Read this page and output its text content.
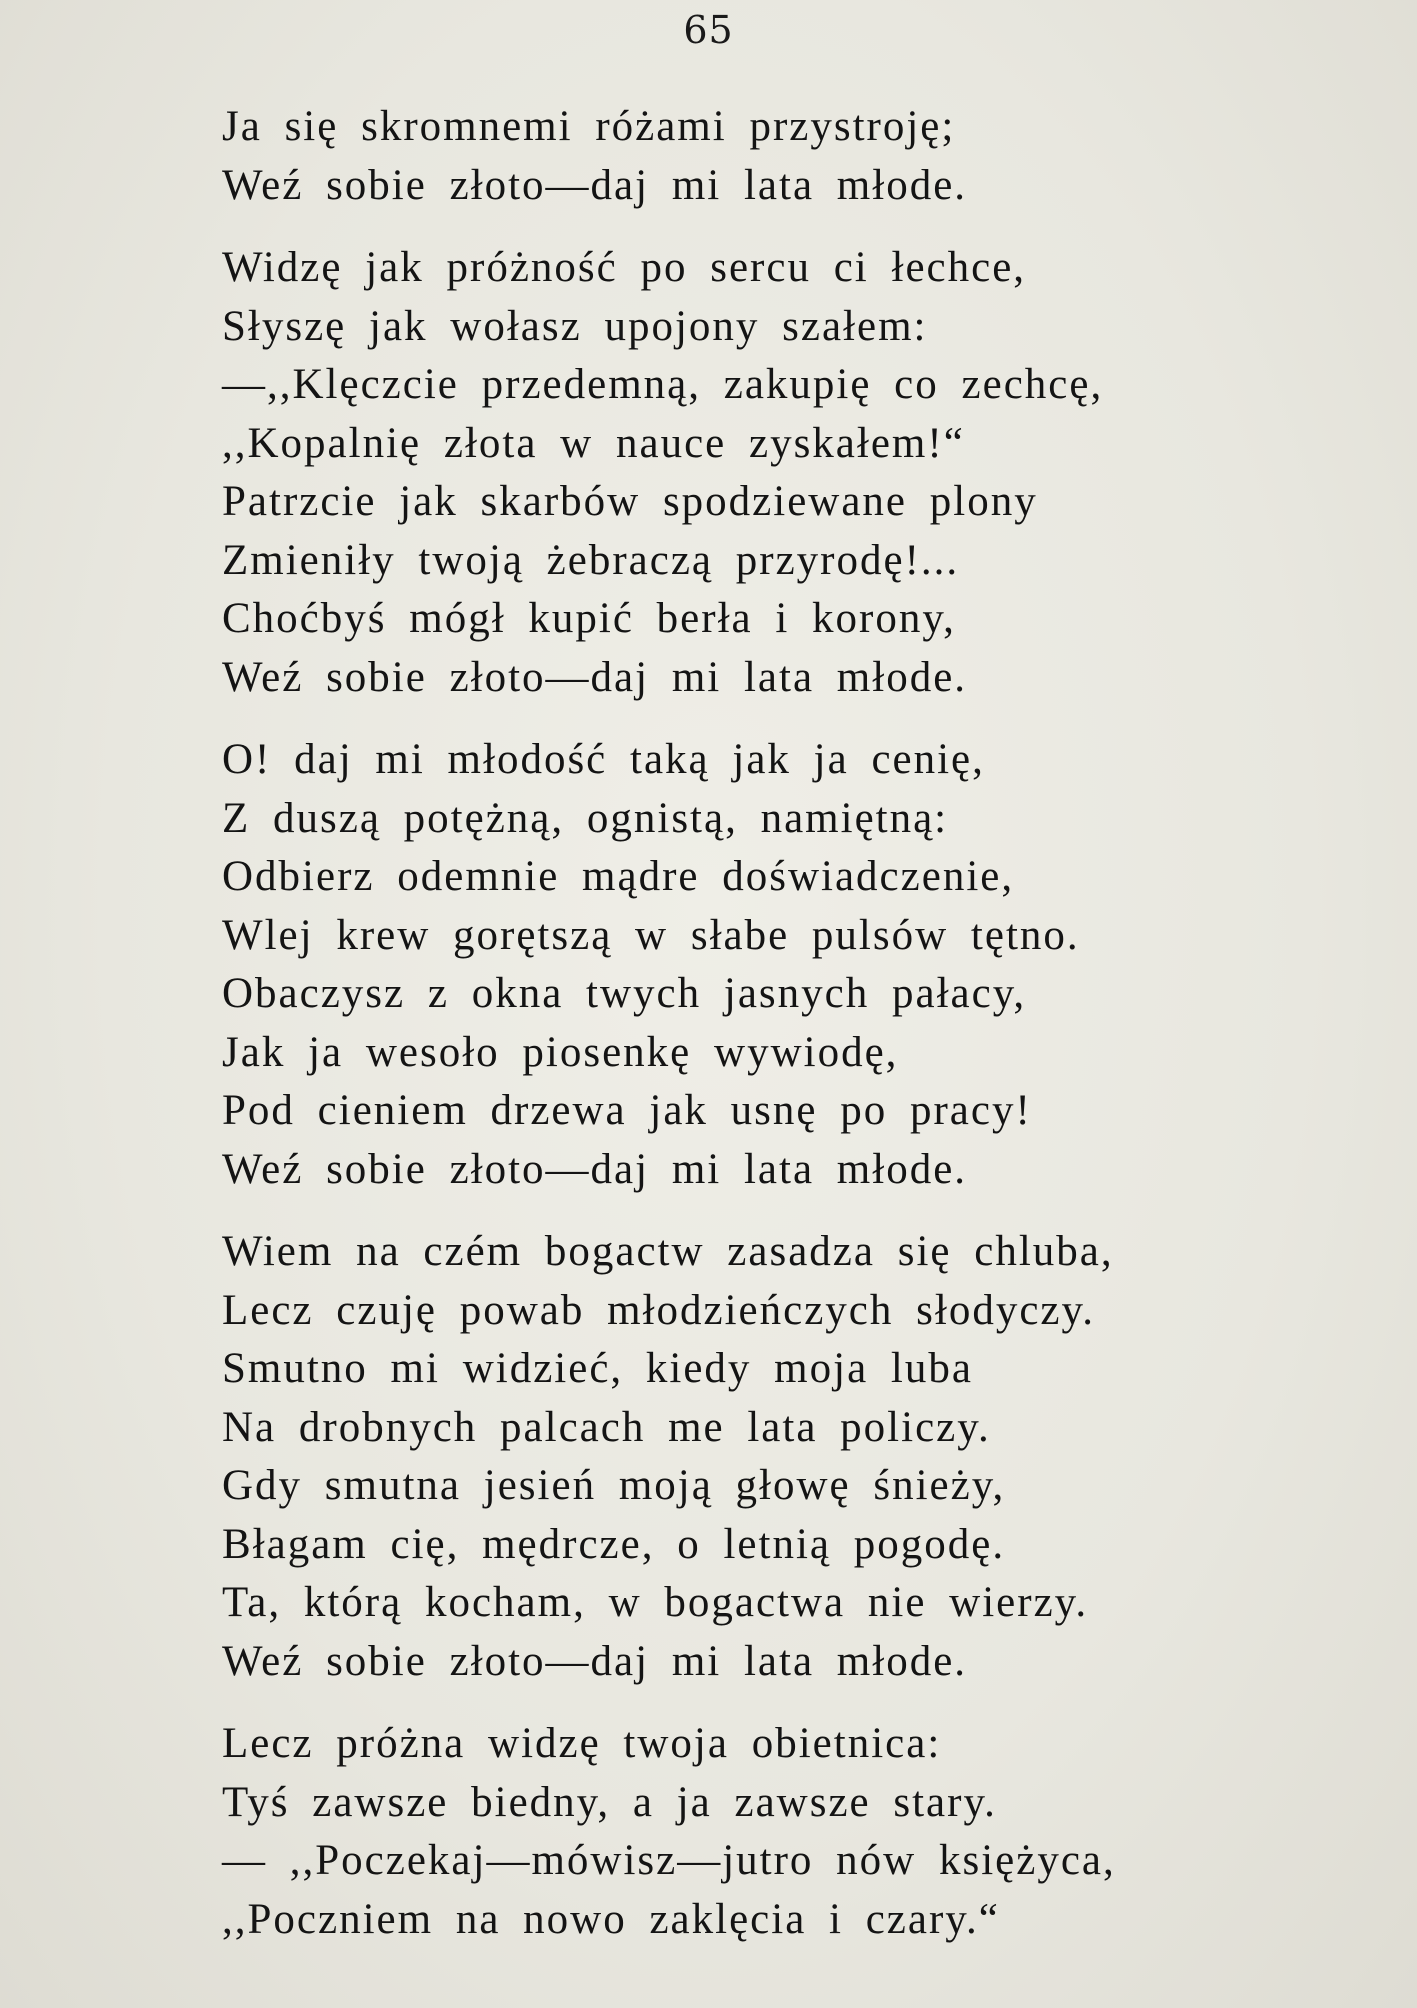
65
Ja się skromnemi różami przystroję;
Weź sobie złoto—daj mi lata młode.
Widzę jak próżność po sercu ci łechce,
Słyszę jak wołasz upojony szałem:
—,,Klęczcie przedemną, zakupię co zechcę,
,,Kopalnię złota w nauce zyskałem!“
Patrzcie jak skarbów spodziewane plony
Zmieniły twoją żebraczą przyrodę!...
Choćbyś mógł kupić berła i korony,
Weź sobie złoto—daj mi lata młode.
O! daj mi młodość taką jak ja cenię,
Z duszą potężną, ognistą, namiętną:
Odbierz odemnie mądre doświadczenie,
Wlej krew gorętszą w słabe pulsów tętno.
Obaczysz z okna twych jasnych pałacy,
Jak ja wesoło piosenkę wywiodę,
Pod cieniem drzewa jak usnę po pracy!
Weź sobie złoto—daj mi lata młode.
Wiem na czém bogactw zasadza się chluba,
Lecz czuję powab młodzieńczych słodyczy.
Smutno mi widzieć, kiedy moja luba
Na drobnych palcach me lata policzy.
Gdy smutna jesień moją głowę śnieży,
Błagam cię, mędrcze, o letnią pogodę.
Ta, którą kocham, w bogactwa nie wierzy.
Weź sobie złoto—daj mi lata młode.
Lecz próżna widzę twoja obietnica:
Tyś zawsze biedny, a ja zawsze stary.
— ,,Poczekaj—mówisz—jutro nów księżyca,
,,Poczniem na nowo zaklęcia i czary.“
